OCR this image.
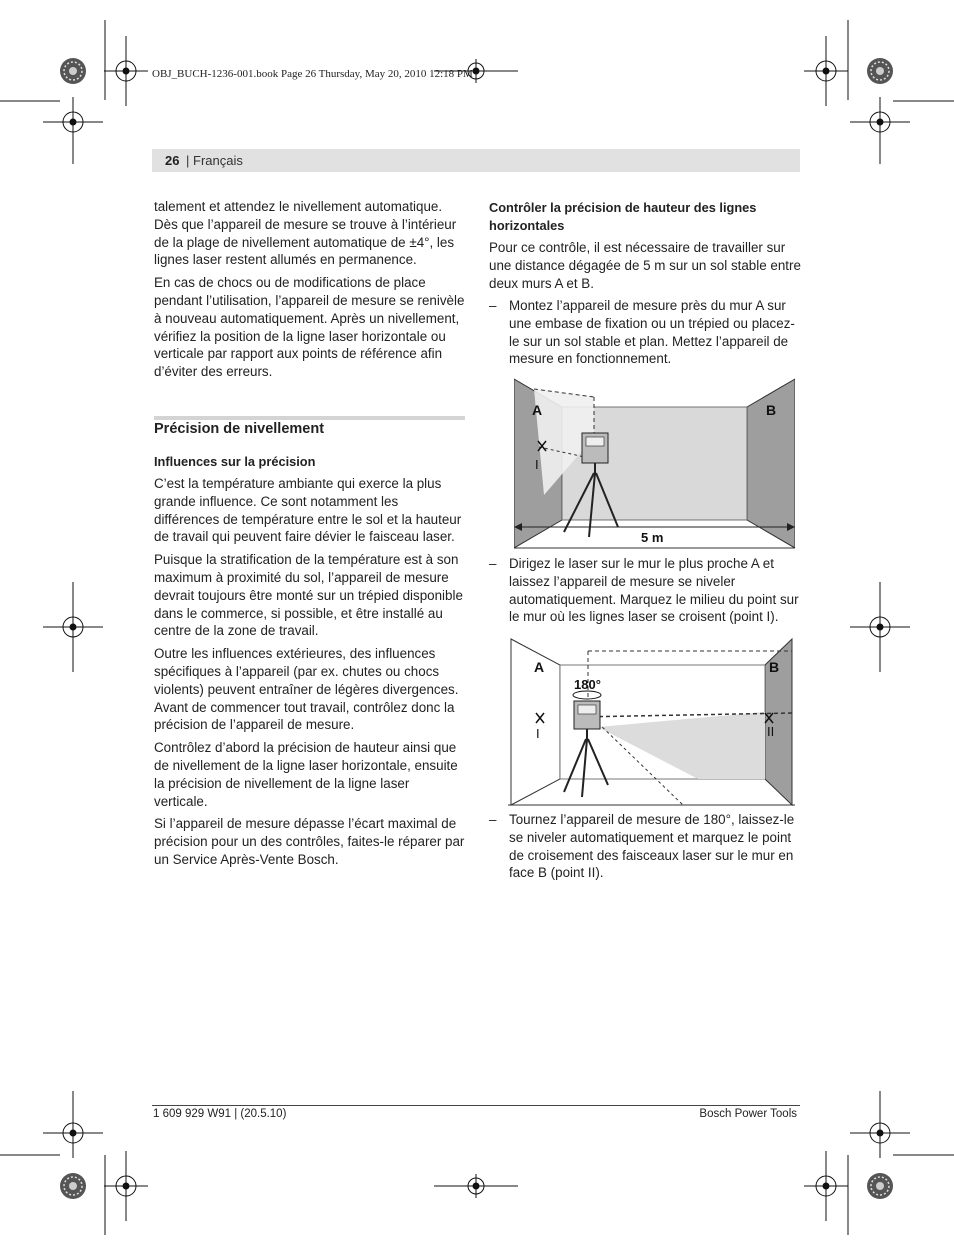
OBJ_BUCH-1236-001.book Page 26 Thursday, May 20, 2010 12:18 PM
26 | Français

talement et attendez le nivellement automatique. Dès que l’appareil de mesure se trouve à l’intérieur de la plage de nivellement automatique de ±4°, les lignes laser restent allumés en permanence.

En cas de chocs ou de modifications de place pendant l’utilisation, l’appareil de mesure se renivèle à nouveau automatiquement. Après un nivellement, vérifiez la position de la ligne laser horizontale ou verticale par rapport aux points de référence afin d’éviter des erreurs.

Précision de nivellement
Influences sur la précision

C’est la température ambiante qui exerce la plus grande influence. Ce sont notamment les différences de température entre le sol et la hauteur de travail qui peuvent faire dévier le faisceau laser.

Puisque la stratification de la température est à son maximum à proximité du sol, l’appareil de mesure devrait toujours être monté sur un trépied disponible dans le commerce, si possible, et être installé au centre de la zone de travail.

Outre les influences extérieures, des influences spécifiques à l’appareil (par ex. chutes ou chocs violents) peuvent entraîner de légères divergences. Avant de commencer tout travail, contrôlez donc la précision de l’appareil de mesure.

Contrôlez d’abord la précision de hauteur ainsi que de nivellement de la ligne laser horizontale, ensuite la précision de nivellement de la ligne laser verticale.

Si l’appareil de mesure dépasse l’écart maximal de précision pour un des contrôles, faites-le réparer par un Service Après-Vente Bosch.

Contrôler la précision de hauteur des lignes horizontales

Pour ce contrôle, il est nécessaire de travailler sur une distance dégagée de 5 m sur un sol stable entre deux murs A et B.

– Montez l’appareil de mesure près du mur A sur une embase de fixation ou un trépied ou placez-le sur un sol stable et plan. Mettez l’appareil de mesure en fonctionnement.
A	B
I
5 m
– Dirigez le laser sur le mur le plus proche A et laissez l’appareil de mesure se niveler automatiquement. Marquez le milieu du point sur le mur où les lignes laser se croisent (point I).
A	B
180°
I	II
– Tournez l’appareil de mesure de 180°, laissez-le se niveler automatiquement et marquez le point de croisement des faisceaux laser sur le mur en face B (point II).
1 609 929 W91 | (20.5.10)	Bosch Power Tools
